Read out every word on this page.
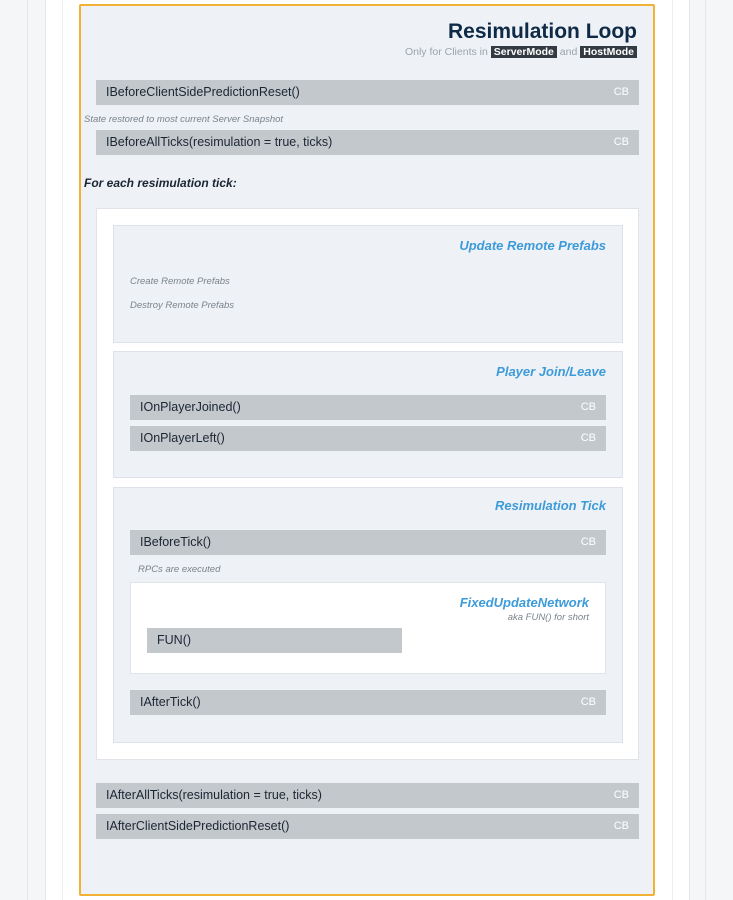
Resimulation Loop
Only for Clients in ServerMode and HostMode
IBeforeClientSidePredictionReset()	CB
State restored to most current Server Snapshot
IBeforeAllTicks(resimulation = true, ticks)	CB
For each resimulation tick:
Update Remote Prefabs
Create Remote Prefabs
Destroy Remote Prefabs
Player Join/Leave
IOnPlayerJoined()	CB
IOnPlayerLeft()	CB
Resimulation Tick
IBeforeTick()	CB
RPCs are executed
FixedUpdateNetwork
aka FUN() for short
FUN()
IAfterTick()	CB
IAfterAllTicks(resimulation = true, ticks)	CB
IAfterClientSidePredictionReset()	CB
